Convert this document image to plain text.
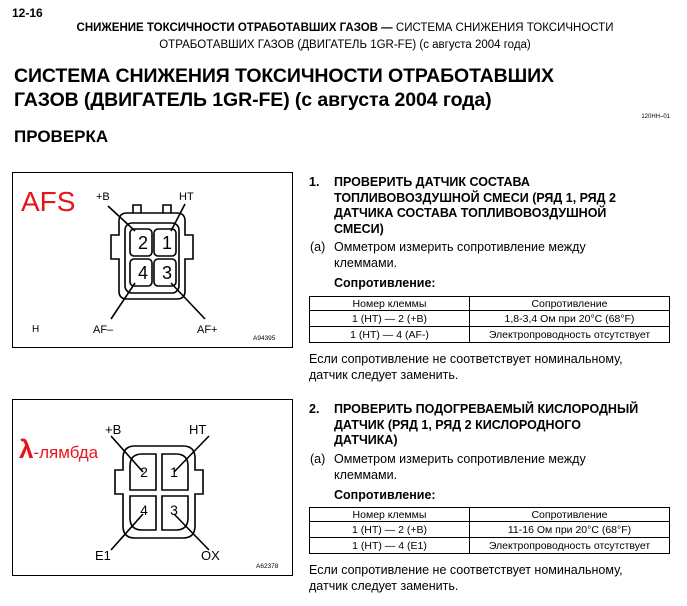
12-16
СНИЖЕНИЕ ТОКСИЧНОСТИ ОТРАБОТАВШИХ ГАЗОВ — СИСТЕМА СНИЖЕНИЯ ТОКСИЧНОСТИ
ОТРАБОТАВШИХ ГАЗОВ (ДВИГАТЕЛЬ 1GR-FE) (с августа 2004 года)
СИСТЕМА СНИЖЕНИЯ ТОКСИЧНОСТИ ОТРАБОТАВШИХ
ГАЗОВ (ДВИГАТЕЛЬ 1GR-FE) (с августа 2004 года)
120HH–01
ПРОВЕРКА
AFS +B	HT
AF–	AF+
2 1
4 3
H
A94395
λ-лямбда
+B	HT
E1	OX
2	1
4	3
A62378
1. ПРОВЕРИТЬ ДАТЧИК СОСТАВА
ТОПЛИВОВОЗДУШНОЙ СМЕСИ (РЯД 1, РЯД 2
ДАТЧИКА СОСТАВА ТОПЛИВОВОЗДУШНОЙ
СМЕСИ)
(a) Омметром измерить сопротивление между
клеммами.
Сопротивление:
Номер клеммы	Сопротивление
1 (HT) — 2 (+B)	1,8-3,4 Ом при 20°C (68°F)
1 (HT) — 4 (AF-)	Электропроводность отсутствует
Если сопротивление не соответствует номинальному,
датчик следует заменить.
2. ПРОВЕРИТЬ ПОДОГРЕВАЕМЫЙ КИСЛОРОДНЫЙ
ДАТЧИК (РЯД 1, РЯД 2 КИСЛОРОДНОГО
ДАТЧИКА)
(a) Омметром измерить сопротивление между
клеммами.
Сопротивление:
Номер клеммы	Сопротивление
1 (HT) — 2 (+B)	11-16 Ом при 20°C (68°F)
1 (HT) — 4 (E1)	Электропроводность отсутствует
Если сопротивление не соответствует номинальному,
датчик следует заменить.
